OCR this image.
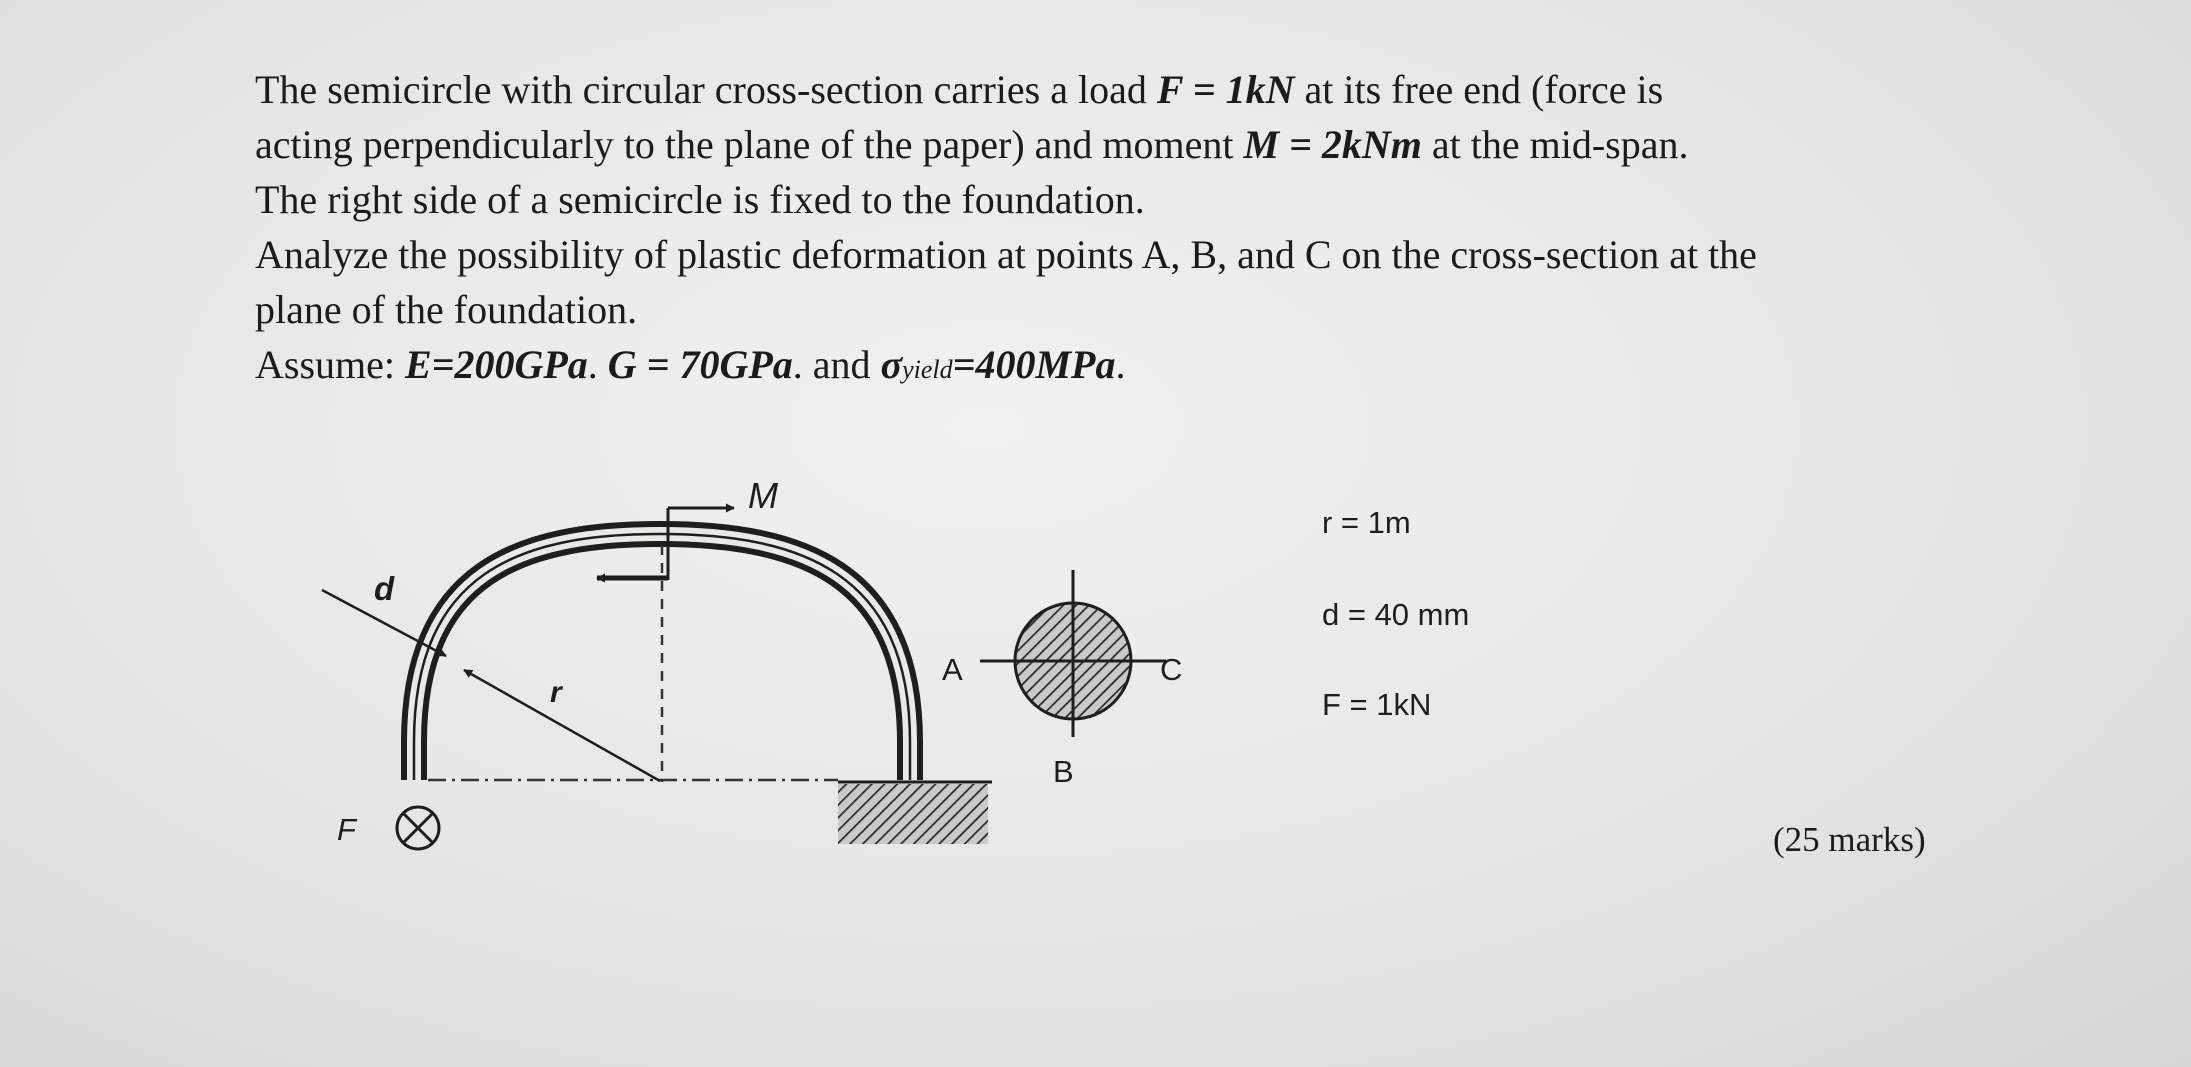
The semicircle with circular cross-section carries a load F = 1kN at its free end (force is
acting perpendicularly to the plane of the paper) and moment M = 2kNm at the mid-span.
The right side of a semicircle is fixed to the foundation.
Analyze the possibility of plastic deformation at points A, B, and C on the cross-section at the
plane of the foundation.
Assume: E=200GPa. G = 70GPa. and σyield=400MPa.
M
d
r
F
A
B
C
r = 1m
d = 40 mm
F = 1kN
(25 marks)
